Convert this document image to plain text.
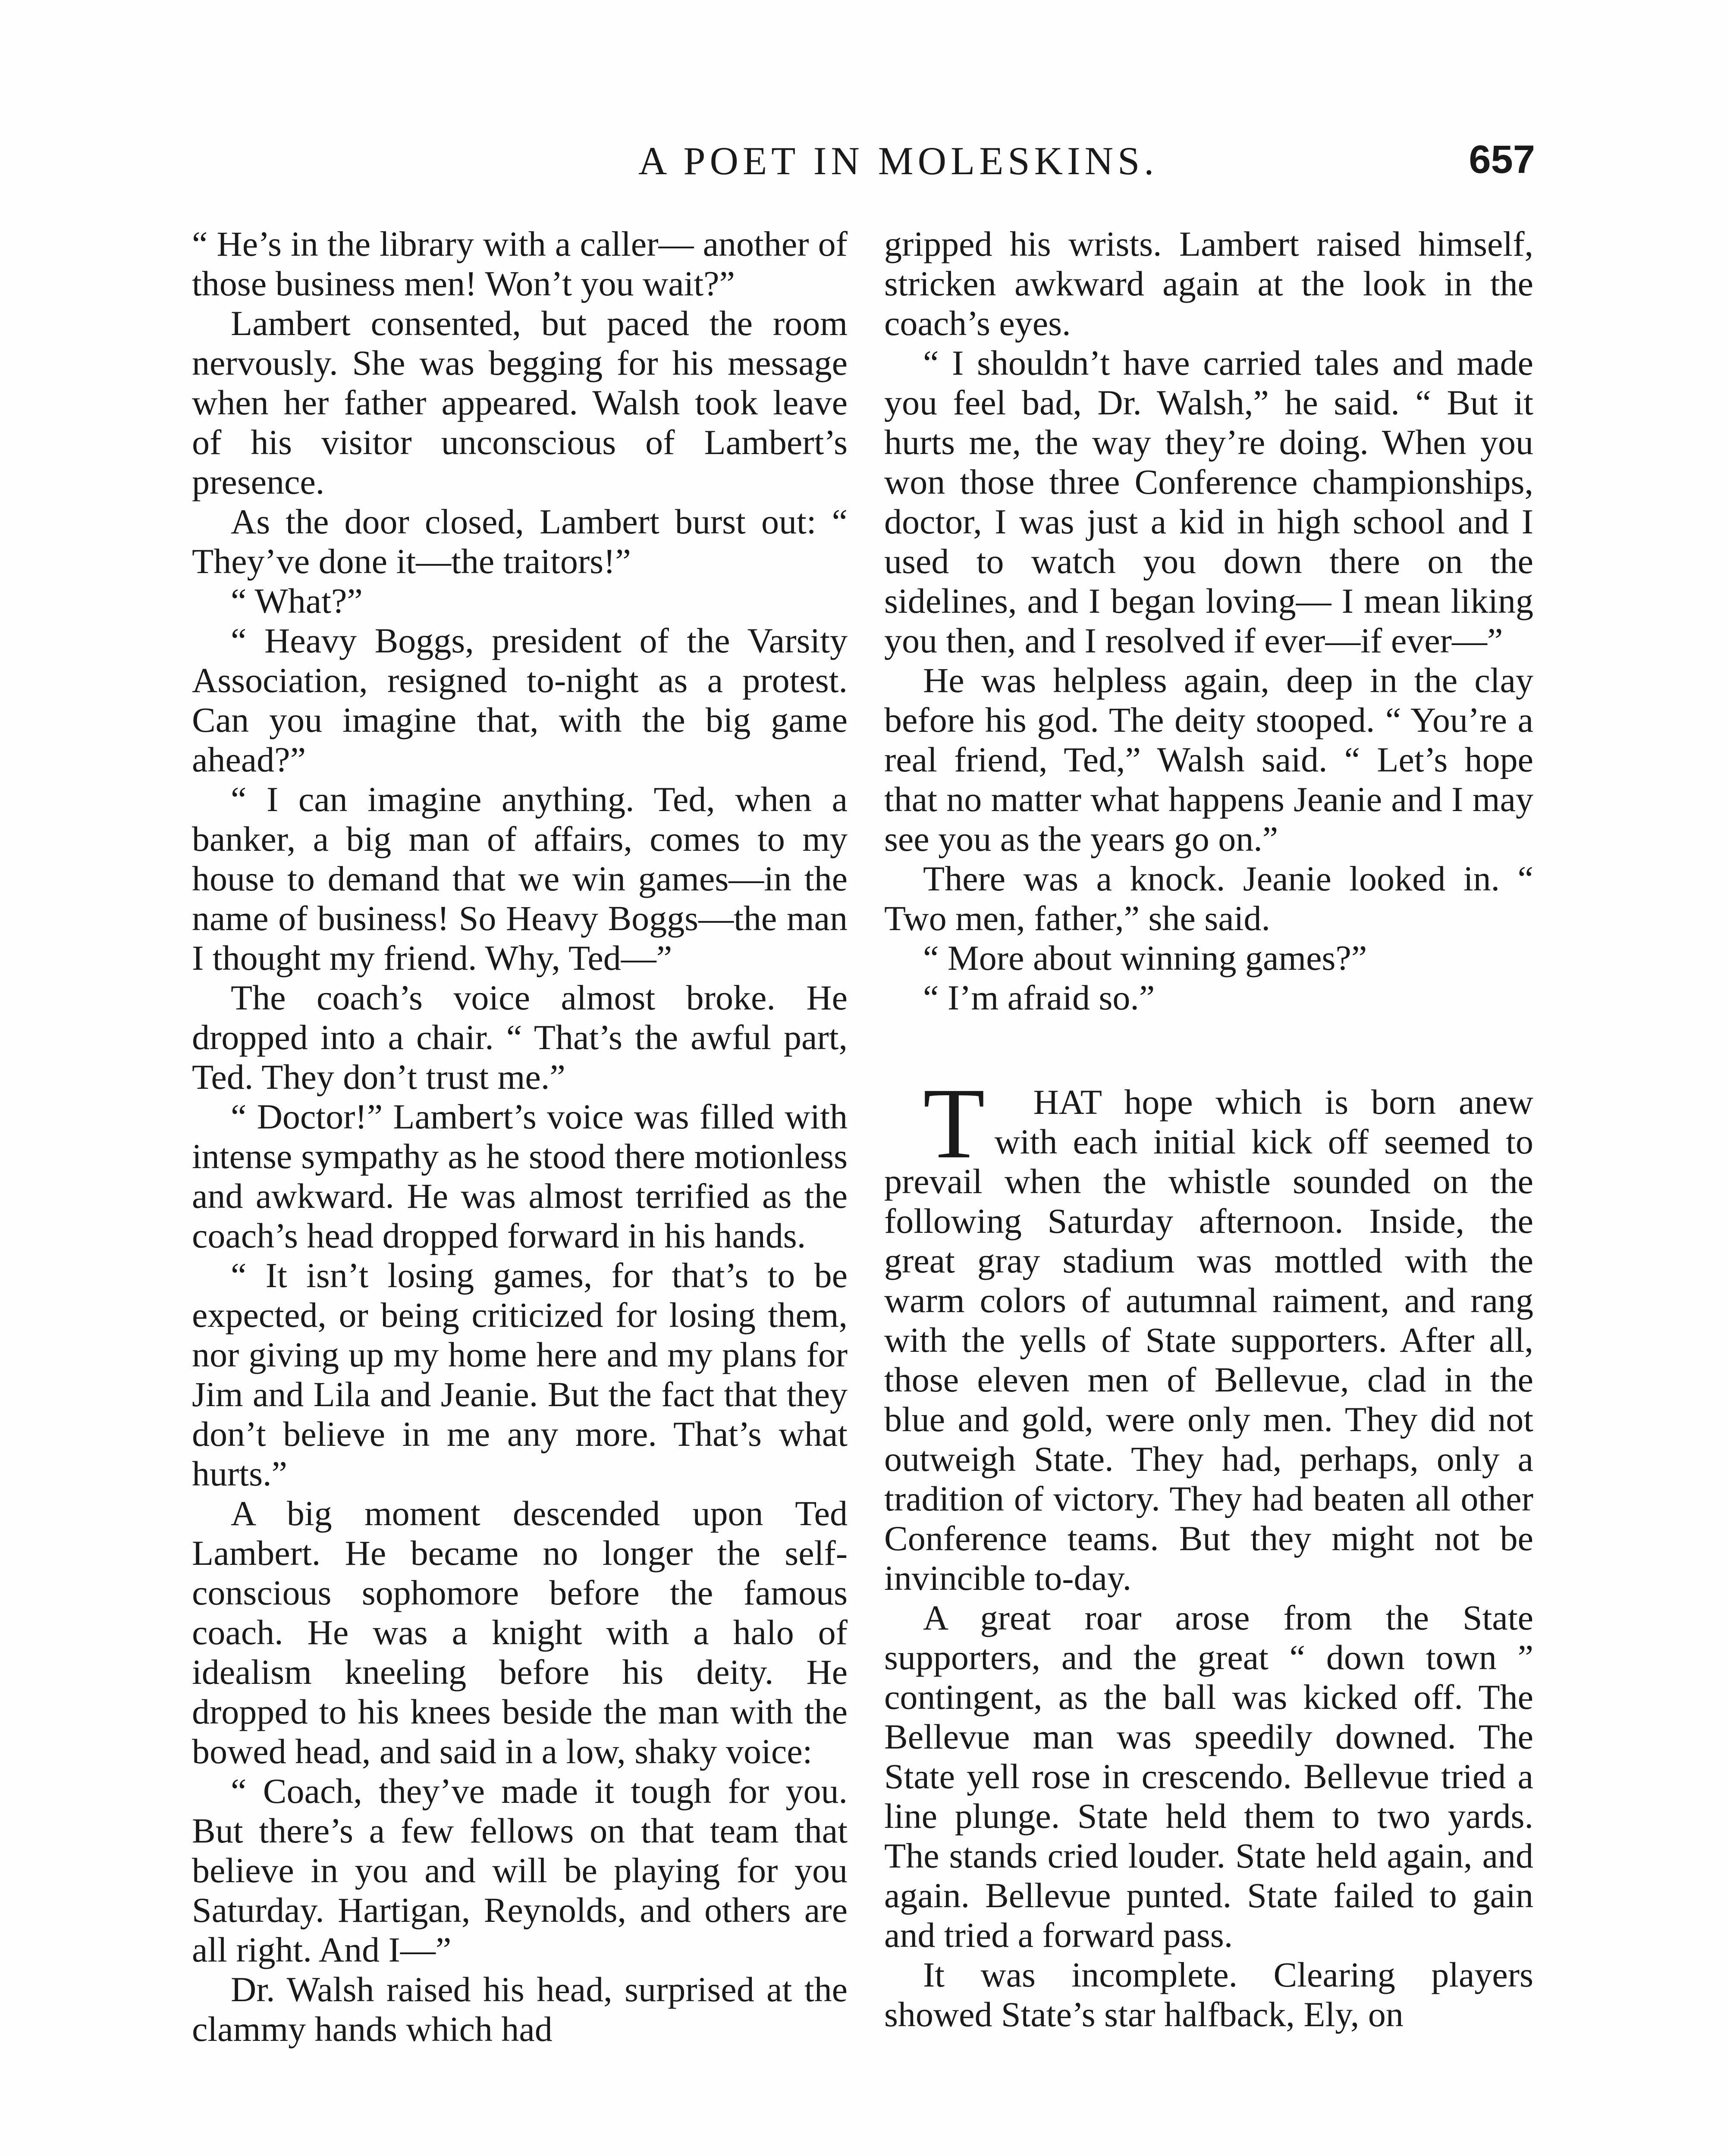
A POET IN MOLESKINS.	657

“ He’s in the library with a caller— another of those business men! Won’t you wait?”

Lambert consented, but paced the room nervously. She was begging for his message when her father appeared. Walsh took leave of his visitor unconscious of Lambert’s presence.

As the door closed, Lambert burst out: “ They’ve done it—the traitors!”

“ What?”

“ Heavy Boggs, president of the Varsity Association, resigned to-night as a protest. Can you imagine that, with the big game ahead?”

“ I can imagine anything. Ted, when a banker, a big man of affairs, comes to my house to demand that we win games—in the name of business! So Heavy Boggs—the man I thought my friend. Why, Ted—”

The coach’s voice almost broke. He dropped into a chair. “ That’s the awful part, Ted. They don’t trust me.”

“ Doctor!” Lambert’s voice was filled with intense sympathy as he stood there motionless and awkward. He was almost terrified as the coach’s head dropped forward in his hands.

“ It isn’t losing games, for that’s to be expected, or being criticized for losing them, nor giving up my home here and my plans for Jim and Lila and Jeanie. But the fact that they don’t believe in me any more. That’s what hurts.”

A big moment descended upon Ted Lambert. He became no longer the self-conscious sophomore before the famous coach. He was a knight with a halo of idealism kneeling before his deity. He dropped to his knees beside the man with the bowed head, and said in a low, shaky voice:

“ Coach, they’ve made it tough for you. But there’s a few fellows on that team that believe in you and will be playing for you Saturday. Hartigan, Reynolds, and others are all right. And I—”

Dr. Walsh raised his head, surprised at the clammy hands which had

gripped his wrists. Lambert raised himself, stricken awkward again at the look in the coach’s eyes.

“ I shouldn’t have carried tales and made you feel bad, Dr. Walsh,” he said. “ But it hurts me, the way they’re doing. When you won those three Conference championships, doctor, I was just a kid in high school and I used to watch you down there on the sidelines, and I began loving— I mean liking you then, and I resolved if ever—if ever—”

He was helpless again, deep in the clay before his god. The deity stooped. “ You’re a real friend, Ted,” Walsh said. “ Let’s hope that no matter what happens Jeanie and I may see you as the years go on.”

There was a knock. Jeanie looked in. “ Two men, father,” she said.

“ More about winning games?”

“ I’m afraid so.”

T HAT hope which is born anew with each initial kick off seemed to prevail when the whistle sounded on the following Saturday afternoon. Inside, the great gray stadium was mottled with the warm colors of autumnal raiment, and rang with the yells of State supporters. After all, those eleven men of Bellevue, clad in the blue and gold, were only men. They did not outweigh State. They had, perhaps, only a tradition of victory. They had beaten all other Conference teams. But they might not be invincible to-day.

A great roar arose from the State supporters, and the great “ down town ” contingent, as the ball was kicked off. The Bellevue man was speedily downed. The State yell rose in crescendo. Bellevue tried a line plunge. State held them to two yards. The stands cried louder. State held again, and again. Bellevue punted. State failed to gain and tried a forward pass.

It was incomplete. Clearing players showed State’s star halfback, Ely, on
